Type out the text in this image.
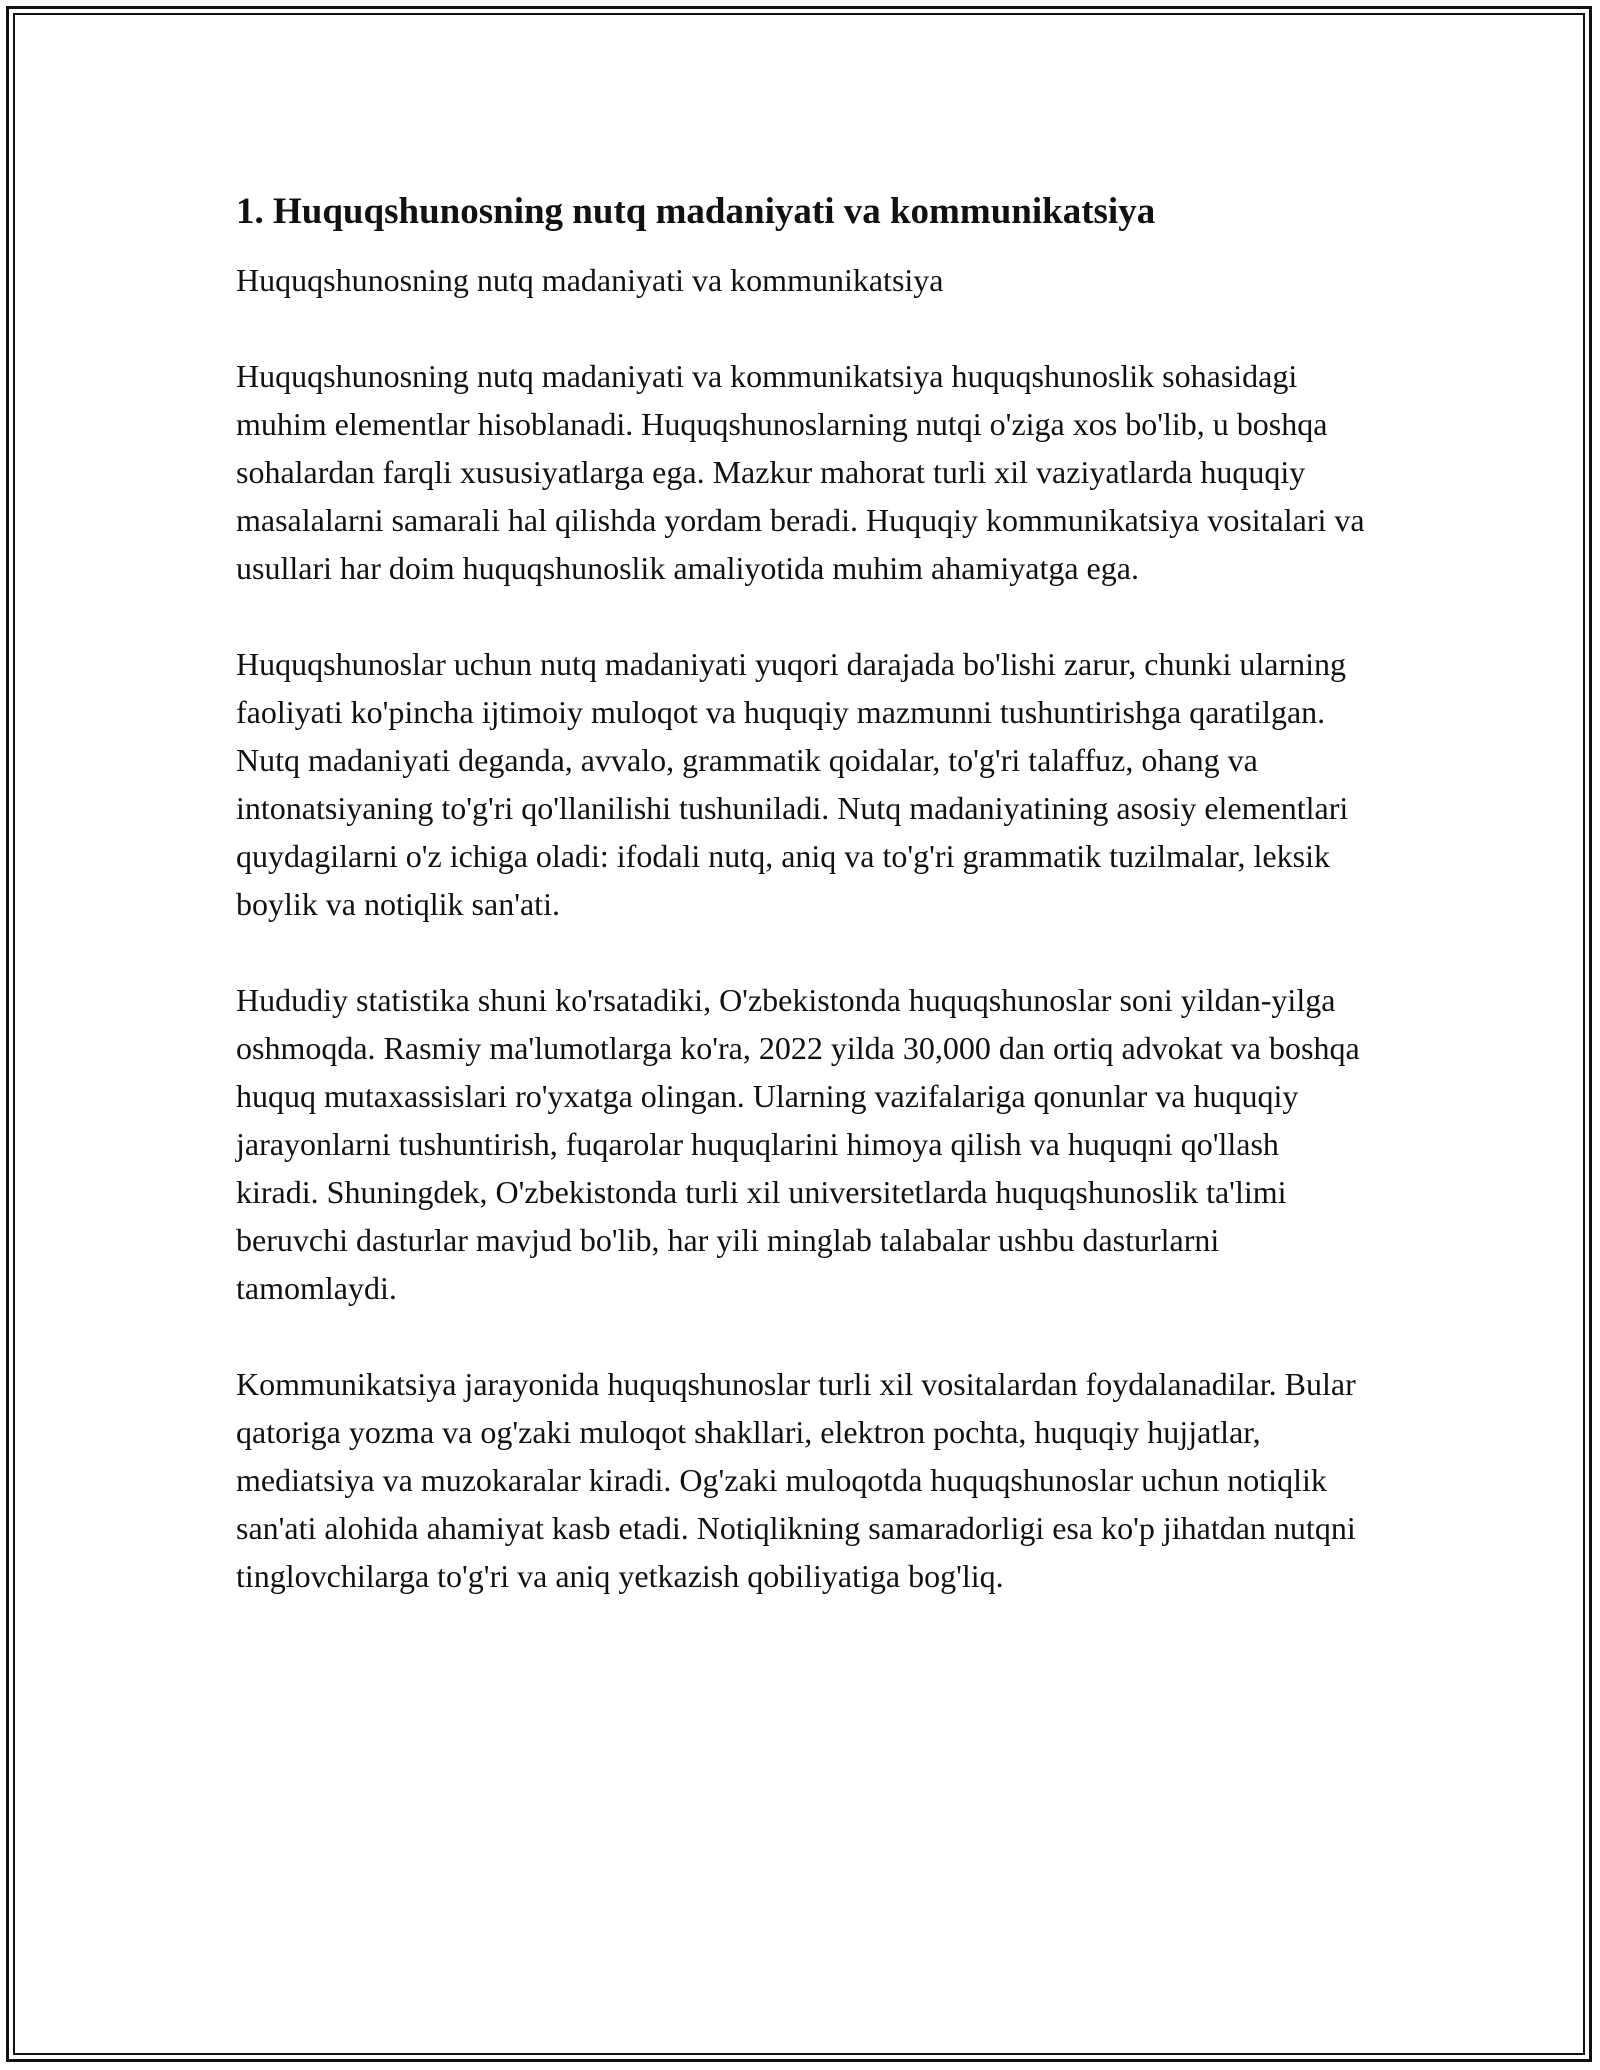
1. Huquqshunosning nutq madaniyati va kommunikatsiya

Huquqshunosning nutq madaniyati va kommunikatsiya

Huquqshunosning nutq madaniyati va kommunikatsiya huquqshunoslik sohasidagi muhim elementlar hisoblanadi. Huquqshunoslarning nutqi o'ziga xos bo'lib, u boshqa sohalardan farqli xususiyatlarga ega. Mazkur mahorat turli xil vaziyatlarda huquqiy masalalarni samarali hal qilishda yordam beradi. Huquqiy kommunikatsiya vositalari va usullari har doim huquqshunoslik amaliyotida muhim ahamiyatga ega.

Huquqshunoslar uchun nutq madaniyati yuqori darajada bo'lishi zarur, chunki ularning faoliyati ko'pincha ijtimoiy muloqot va huquqiy mazmunni tushuntirishga qaratilgan. Nutq madaniyati deganda, avvalo, grammatik qoidalar, to'g'ri talaffuz, ohang va intonatsiyaning to'g'ri qo'llanilishi tushuniladi. Nutq madaniyatining asosiy elementlari quydagilarni o'z ichiga oladi: ifodali nutq, aniq va to'g'ri grammatik tuzilmalar, leksik boylik va notiqlik san'ati.

Hududiy statistika shuni ko'rsatadiki, O'zbekistonda huquqshunoslar soni yildan-yilga oshmoqda. Rasmiy ma'lumotlarga ko'ra, 2022 yilda 30,000 dan ortiq advokat va boshqa huquq mutaxassislari ro'yxatga olingan. Ularning vazifalariga qonunlar va huquqiy jarayonlarni tushuntirish, fuqarolar huquqlarini himoya qilish va huquqni qo'llash kiradi. Shuningdek, O'zbekistonda turli xil universitetlarda huquqshunoslik ta'limi beruvchi dasturlar mavjud bo'lib, har yili minglab talabalar ushbu dasturlarni tamomlaydi.

Kommunikatsiya jarayonida huquqshunoslar turli xil vositalardan foydalanadilar. Bular qatoriga yozma va og'zaki muloqot shakllari, elektron pochta, huquqiy hujjatlar, mediatsiya va muzokaralar kiradi. Og'zaki muloqotda huquqshunoslar uchun notiqlik san'ati alohida ahamiyat kasb etadi. Notiqlikning samaradorligi esa ko'p jihatdan nutqni tinglovchilarga to'g'ri va aniq yetkazish qobiliyatiga bog'liq.
